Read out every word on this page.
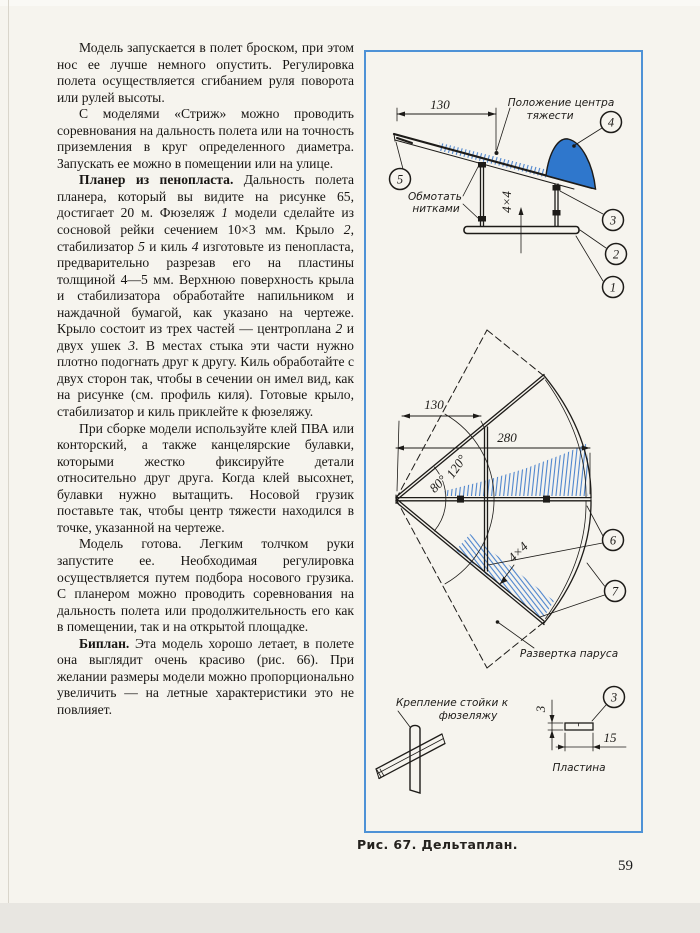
Модель запускается в полет броском, при этом нос ее лучше немного опустить. Регулировка полета осуществляется сгибанием руля поворота или рулей высоты.

С моделями «Стриж» можно проводить соревнования на дальность полета или на точность приземления в круг определенного диаметра. Запускать ее можно в помещении или на улице.

Планер из пенопласта. Дальность полета планера, который вы видите на рисунке 65, достигает 20 м. Фюзеляж 1 модели сделайте из сосновой рейки сечением 10×3 мм. Крыло 2, стабилизатор 5 и киль 4 изготовьте из пенопласта, предварительно разрезав его на пластины толщиной 4—5 мм. Верхнюю поверхность крыла и стабилизатора обработайте напильником и наждачной бумагой, как указано на чертеже. Крыло состоит из трех частей — центроплана 2 и двух ушек 3. В местах стыка эти части нужно плотно подогнать друг к другу. Киль обработайте с двух сторон так, чтобы в сечении он имел вид, как на рисунке (см. профиль киля). Готовые крыло, стабилизатор и киль приклейте к фюзеляжу.

При сборке модели используйте клей ПВА или конторский, а также канцелярские булавки, которыми жестко фиксируйте детали относительно друг друга. Когда клей высохнет, булавки нужно вытащить. Носовой грузик поставьте так, чтобы центр тяжести находился в точке, указанной на чертеже.

Модель готова. Легким толчком руки запустите ее. Необходимая регулировка осуществляется путем подбора носового грузика. С планером можно проводить соревнования на дальность полета или продолжительность его как в помещении, так и на открытой площадке.

Биплан. Эта модель хорошо летает, в полете она выглядит очень красиво (рис. 66). При желании размеры модели можно пропорционально увеличить — на летные характеристики это не повлияет.

130	Положение центра
тяжести
Обмотать
нитками	4×4
5
4
3
2
1
130
280
120°
80°
4×4
Развертка паруса
6
7
Крепление стойки к
фюзеляжу
3
15
3
Пластина
Рис. 67. Дельтаплан.
59
